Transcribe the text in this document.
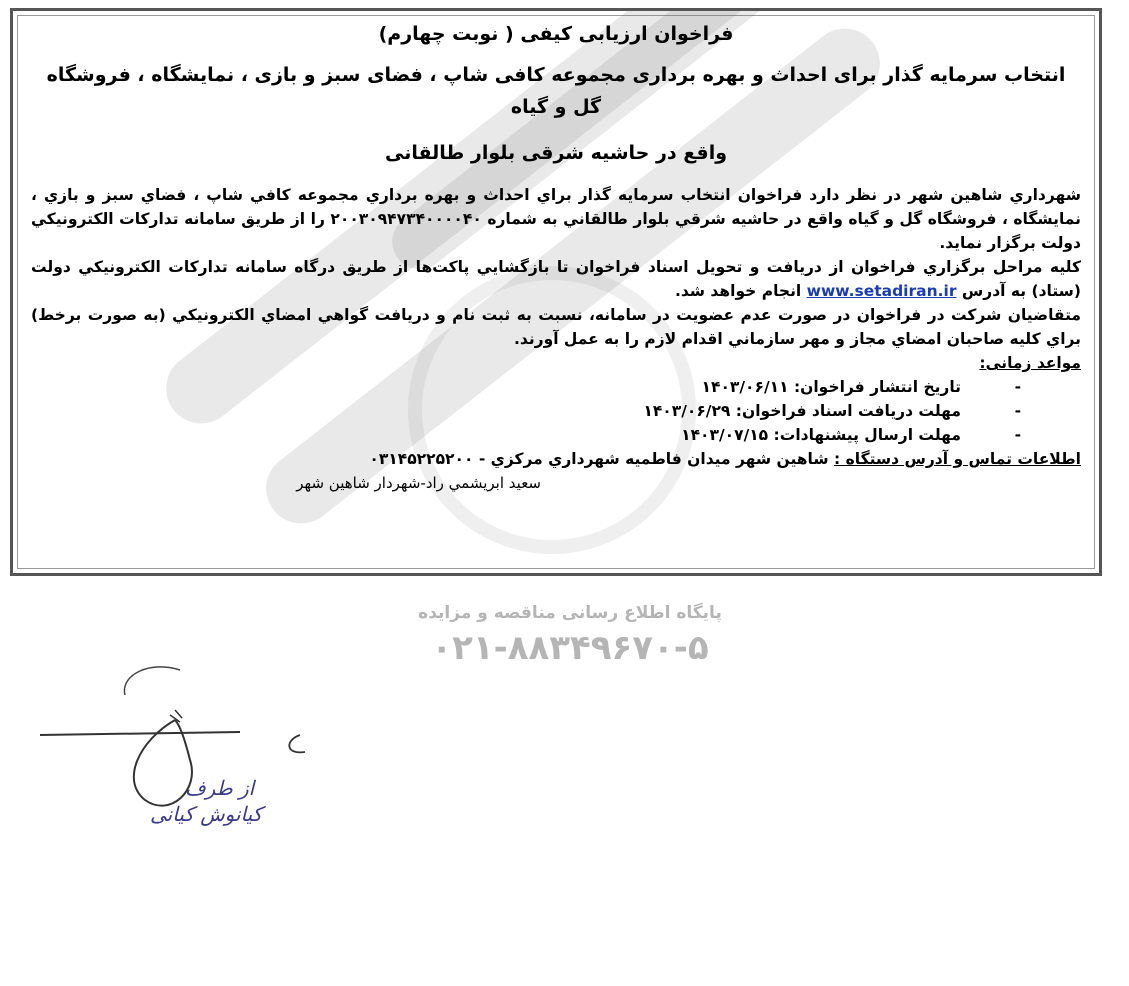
فراخوان ارزیابی کیفی ( نوبت چهارم)
انتخاب سرمایه گذار برای احداث و بهره برداری مجموعه کافی شاپ ، فضای سبز و بازی ، نمایشگاه ، فروشگاه گل و گیاه
واقع در حاشیه شرقی بلوار طالقانی

شهرداري شاهين شهر در نظر دارد فراخوان انتخاب سرمايه گذار براي احداث و بهره برداري مجموعه كافي شاپ ، فضاي سبز و بازي ، نمايشگاه ، فروشگاه گل و گياه واقع در حاشيه شرقي بلوار طالقاني به شماره ۲۰۰۳۰۹۴۷۳۴۰۰۰۰۴۰ را از طريق سامانه تداركات الكترونيكي دولت برگزار نمايد.

كليه مراحل برگزاري فراخوان از دريافت و تحويل اسناد فراخوان تا بازگشايي پاكت‌ها از طريق درگاه سامانه تداركات الكترونيكي دولت (ستاد) به آدرس www.setadiran.ir انجام خواهد شد.

متقاضيان شركت در فراخوان در صورت عدم عضويت در سامانه، نسبت به ثبت نام و دريافت گواهي امضاي الكترونيكي (به صورت برخط) براي كليه صاحبان امضاي مجاز و مهر سازماني اقدام لازم را به عمل آورند.

مواعد زمانی:

-تاريخ انتشار فراخوان: ۱۴۰۳/۰۶/۱۱
-مهلت دريافت اسناد فراخوان: ۱۴۰۳/۰۶/۲۹
-مهلت ارسال پيشنهادات: ۱۴۰۳/۰۷/۱۵

اطلاعات تماس و آدرس دستگاه : شاهين شهر ميدان فاطميه شهرداري مركزي - ۰۳۱۴۵۲۲۵۲۰۰

سعيد ابريشمي راد-شهردار شاهين شهر

پایگاه اطلاع رسانی مناقصه و مزایده
۰۲۱-۸۸۳۴۹۶۷۰-۵
از طرف
کیانوش کیانی
